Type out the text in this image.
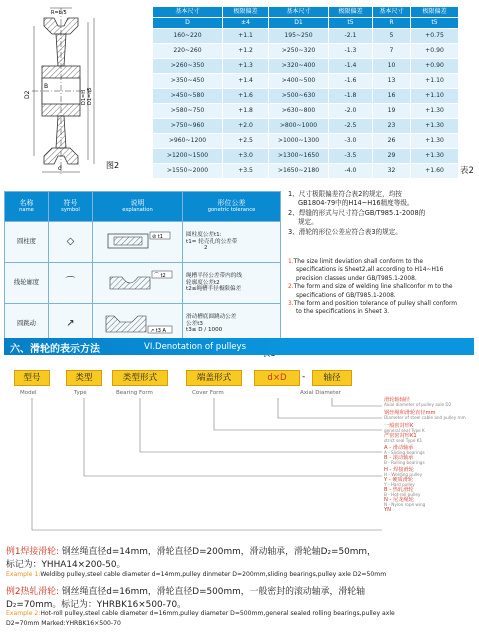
R=b/5
B
D2	D1=H D1=h5
d	图2
基本尺寸	极限偏差	基本尺寸	极限偏差	基本尺寸	极限偏差
D	±4	D1	t5	R	t5
160~220	+1.1	195~250	-2.1	5	+0.75
220~260	+1.2	>250~320	-1.3	7	+0.90
>260~350	+1.3	>320~400	-1.4	10	+0.90
>350~450	+1.4	>400~500	-1.6	13	+1.10
>450~580	+1.6	>500~630	-1.8	16	+1.10
>580~750	+1.8	>630~800	-2.0	19	+1.30
>750~960	+2.0	>800~1000	-2.5	23	+1.30
>960~1200	+2.5	>1000~1300	-3.0	26	+1.30
>1200~1500	+3.0	>1300~1650	-3.5	29	+1.30
>1550~2000	+3.5	>1650~2180	-4.0	32	+1.60 表2
名称
name	符号
symbol	说明
explanation	形位公差
gonetric tolerance

圆柱度	◇	⊘ t1	圆柱度公差t1:
t1= 轮壳孔的公差带
2

线轮廓度	⌒	⌒ t2	绳槽半径公差带内的线
轮廓度公差t2
t2≤绳槽半径极限偏差

圆跳动	↗	↗ t3 A	滑动槽底圆跳动公差
公差t3
t3≤ D / 1000

1、尺寸极限偏差符合表2的规定，均按

GB1804-79中的H14~H16精度等级。

2、焊缝的形式与尺寸符合GB/T985.1-2008的

规定。

3、滑轮的形位公差应符合表3的规定。

1.The size limit deviation shall conform to the

specifications is Sheet2,all according to H14~H16

precision classes under GB/T985.1-2008.

2.The form and size of welding line shallconfor m to the

specifications of GB/T985.1-2008.

3.The form and position tolerance of pulley shall conform

to the specifications in Sheet 3.

六、滑轮的表示方法	VI.Denotation of pulleys
型号	类型	类型形式	端盖形式	d×D	-	轴径
Model	Type	Bearing Form	Cover Form	Axial Diameter
滑轮轴轴径
Axial diameter of pulley axle D2
钢丝绳和滑轮直径mm
Diameter of steel cable and pulley mm
一般密封形K
general seal Type K
严密密封形K1
strict seal Type K1
A - 滑动轴承
A - Sliding bearings
B - 滚动轴承
B - Rolling bearings
H - 焊接滑轮
H - Welding pulley
Y - 硬质滑轮
Y - Hard pulley
B - 热轧滑轮
B - Hot-roll pulley
N - 尼龙绳轮
N - Nylon rope wing
YN
例1焊接滑轮: 钢丝绳直径d=14mm，滑轮直径D=200mm，滑动轴承，滑轮轴D₂=50mm，
标记为：YHHA14×200-50。
Example 1:Weldibg pulley,steel cable diameter d=14mm,pulley dinmeter D=200mm,sliding bearings,pulley axle D2=50mm
例2热轧滑轮: 钢丝绳直径d=16mm，滑轮直径D=500mm，一般密封的滚动轴承，滑轮轴
D₂=70mm。标记为：YHRBK16×500-70。
Example 2:Hot-roll pulley,steel cable diameter d=16mm,pulley diameter D=500mm,general sealed rolling bearings,pulley axle
D2=70mm Marked:YHRBK16×500-70
